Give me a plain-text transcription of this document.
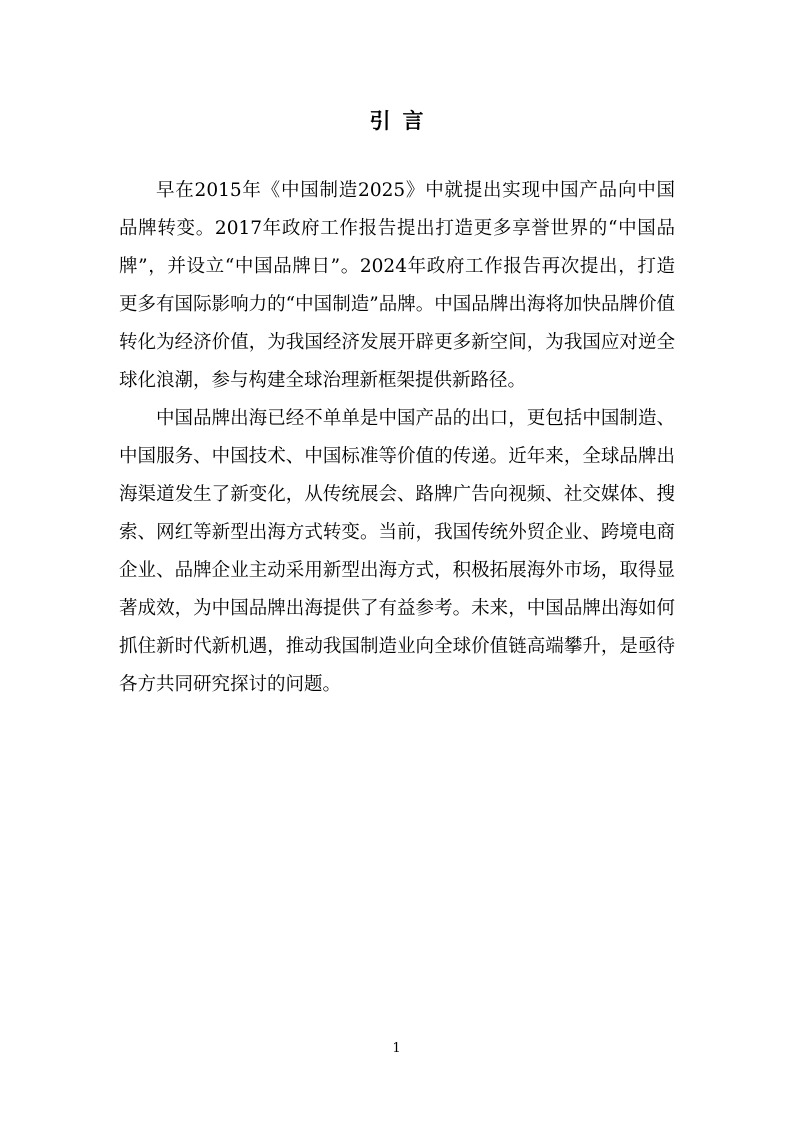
引言

早在2015年《中国制造2025》中就提出实现中国产品向中国品牌转变。2017年政府工作报告提出打造更多享誉世界的“中国品牌”，并设立“中国品牌日”。2024年政府工作报告再次提出，打造更多有国际影响力的“中国制造”品牌。中国品牌出海将加快品牌价值转化为经济价值，为我国经济发展开辟更多新空间，为我国应对逆全球化浪潮，参与构建全球治理新框架提供新路径。

中国品牌出海已经不单单是中国产品的出口，更包括中国制造、中国服务、中国技术、中国标准等价值的传递。近年来，全球品牌出海渠道发生了新变化，从传统展会、路牌广告向视频、社交媒体、搜索、网红等新型出海方式转变。当前，我国传统外贸企业、跨境电商企业、品牌企业主动采用新型出海方式，积极拓展海外市场，取得显著成效，为中国品牌出海提供了有益参考。未来，中国品牌出海如何抓住新时代新机遇，推动我国制造业向全球价值链高端攀升，是亟待各方共同研究探讨的问题。

1
